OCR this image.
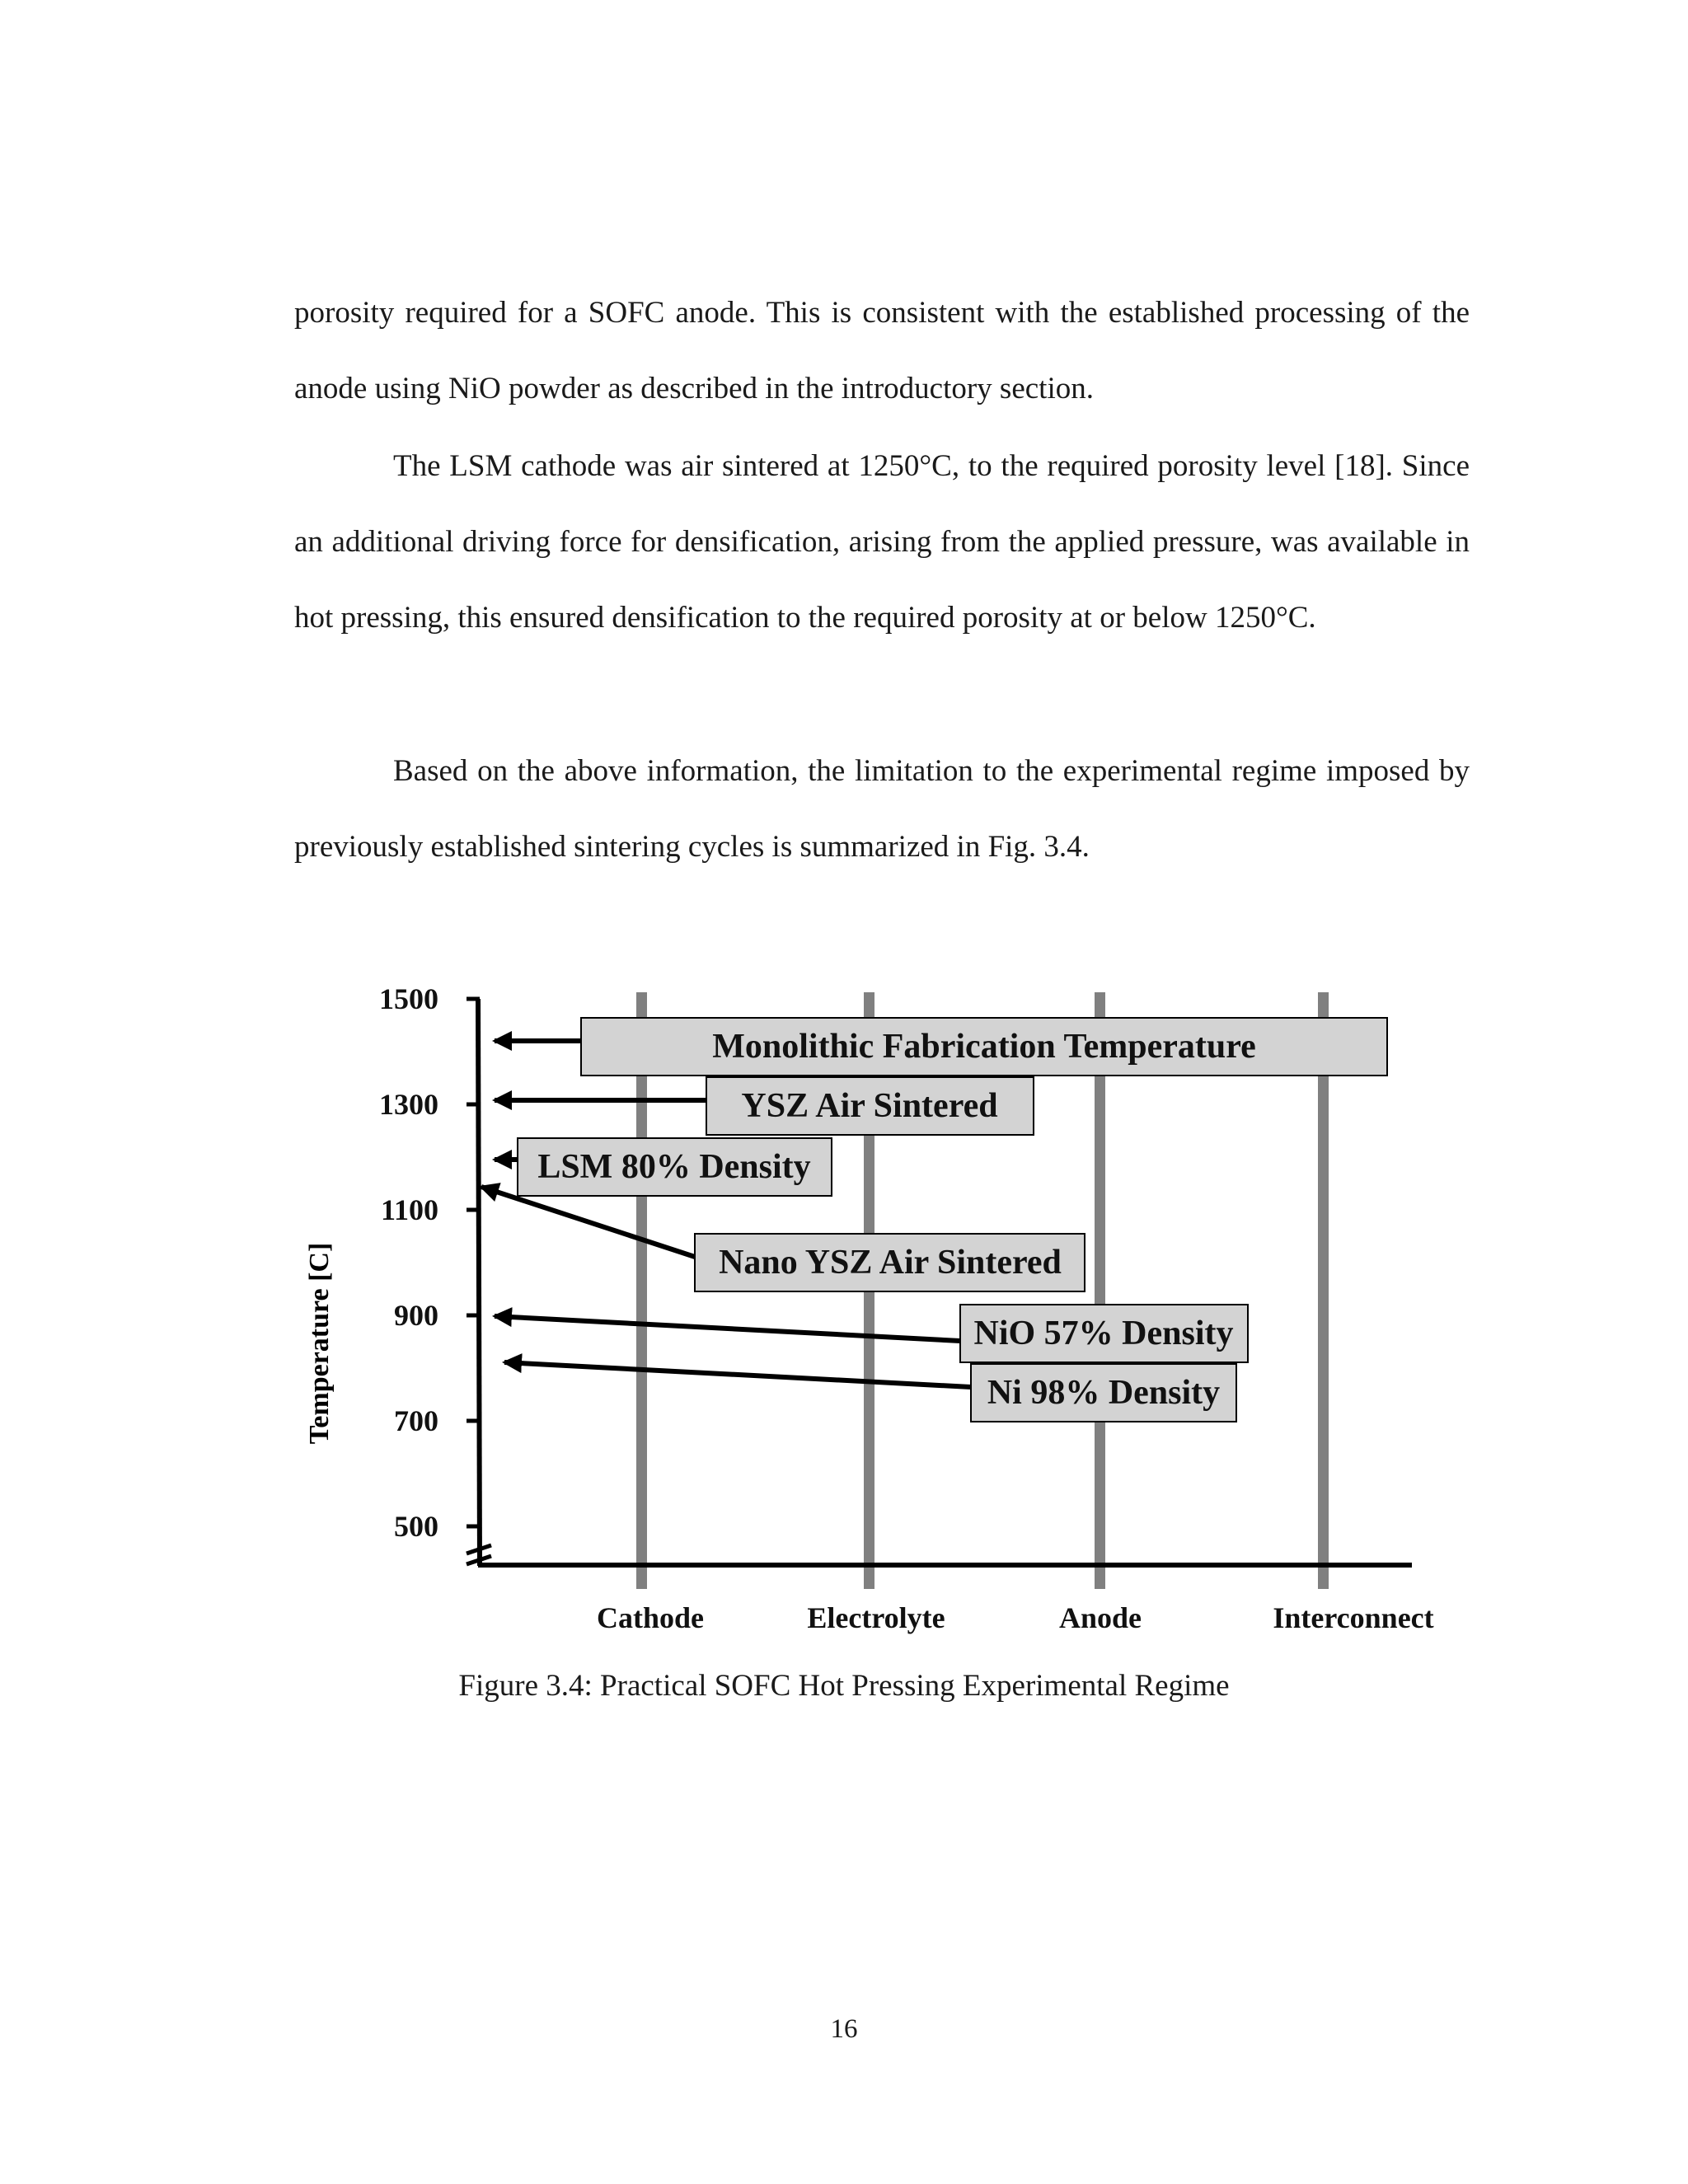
porosity required for a SOFC anode. This is consistent with the established processing of the anode using NiO powder as described in the introductory section.

The LSM cathode was air sintered at 1250°C, to the required porosity level [18]. Since an additional driving force for densification, arising from the applied pressure, was available in hot pressing, this ensured densification to the required porosity at or below 1250°C.

Based on the above information, the limitation to the experimental regime imposed by previously established sintering cycles is summarized in Fig. 3.4.

1500
1300
1100
900
700
500
Temperature [C]
Monolithic Fabrication Temperature
YSZ Air Sintered
LSM 80% Density
Nano YSZ Air Sintered
NiO 57% Density
Ni 98% Density
Cathode	Electrolyte	Anode	Interconnect
Figure 3.4: Practical SOFC Hot Pressing Experimental Regime
16
